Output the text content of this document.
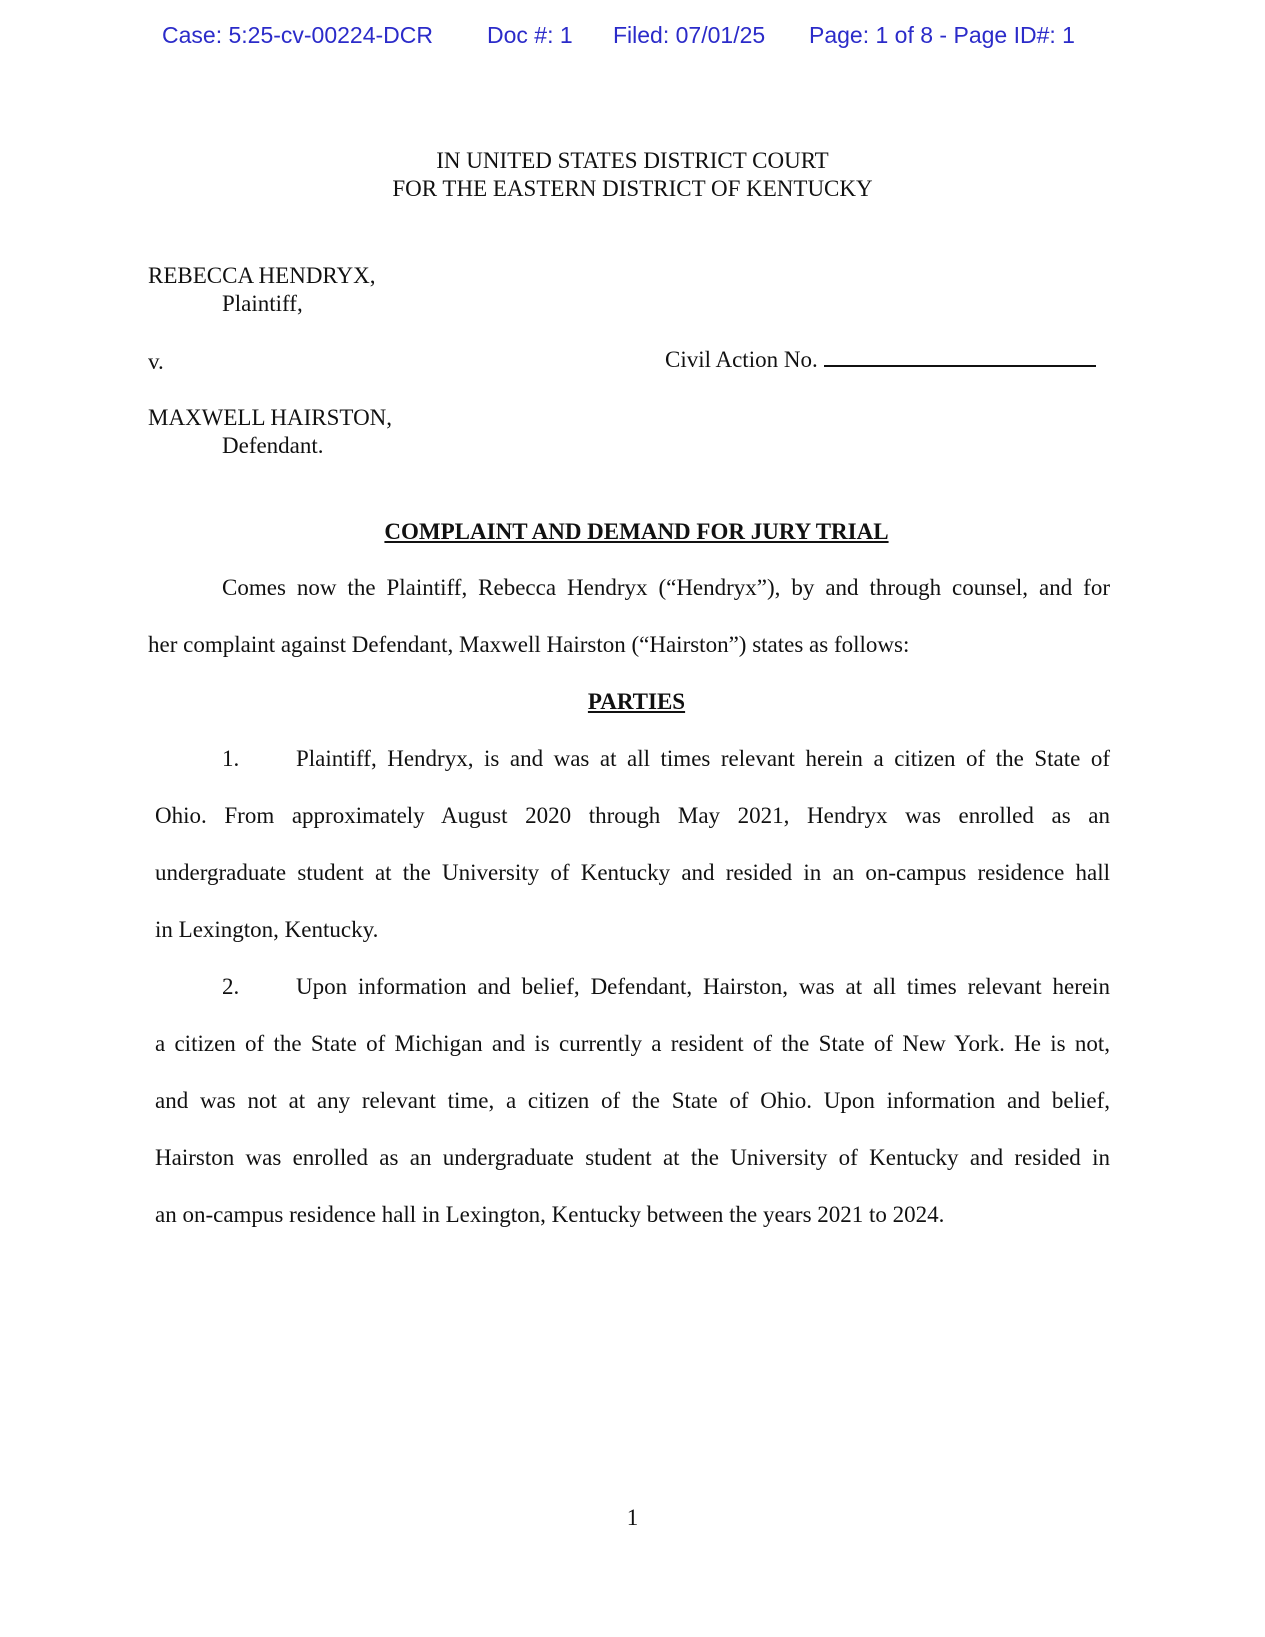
Case: 5:25-cv-00224-DCR Doc #: 1 Filed: 07/01/25 Page: 1 of 8 - Page ID#: 1
IN UNITED STATES DISTRICT COURT
FOR THE EASTERN DISTRICT OF KENTUCKY
REBECCA HENDRYX,
Plaintiff,
v.	Civil Action No.
MAXWELL HAIRSTON,
Defendant.
COMPLAINT AND DEMAND FOR JURY TRIAL
Comes now the Plaintiff, Rebecca Hendryx (“Hendryx”), by and through counsel, and for
her complaint against Defendant, Maxwell Hairston (“Hairston”) states as follows:
PARTIES
1. Plaintiff, Hendryx, is and was at all times relevant herein a citizen of the State of
Ohio. From approximately August 2020 through May 2021, Hendryx was enrolled as an
undergraduate student at the University of Kentucky and resided in an on-campus residence hall
in Lexington, Kentucky.
2. Upon information and belief, Defendant, Hairston, was at all times relevant herein
a citizen of the State of Michigan and is currently a resident of the State of New York. He is not,
and was not at any relevant time, a citizen of the State of Ohio. Upon information and belief,
Hairston was enrolled as an undergraduate student at the University of Kentucky and resided in
an on-campus residence hall in Lexington, Kentucky between the years 2021 to 2024.
1
